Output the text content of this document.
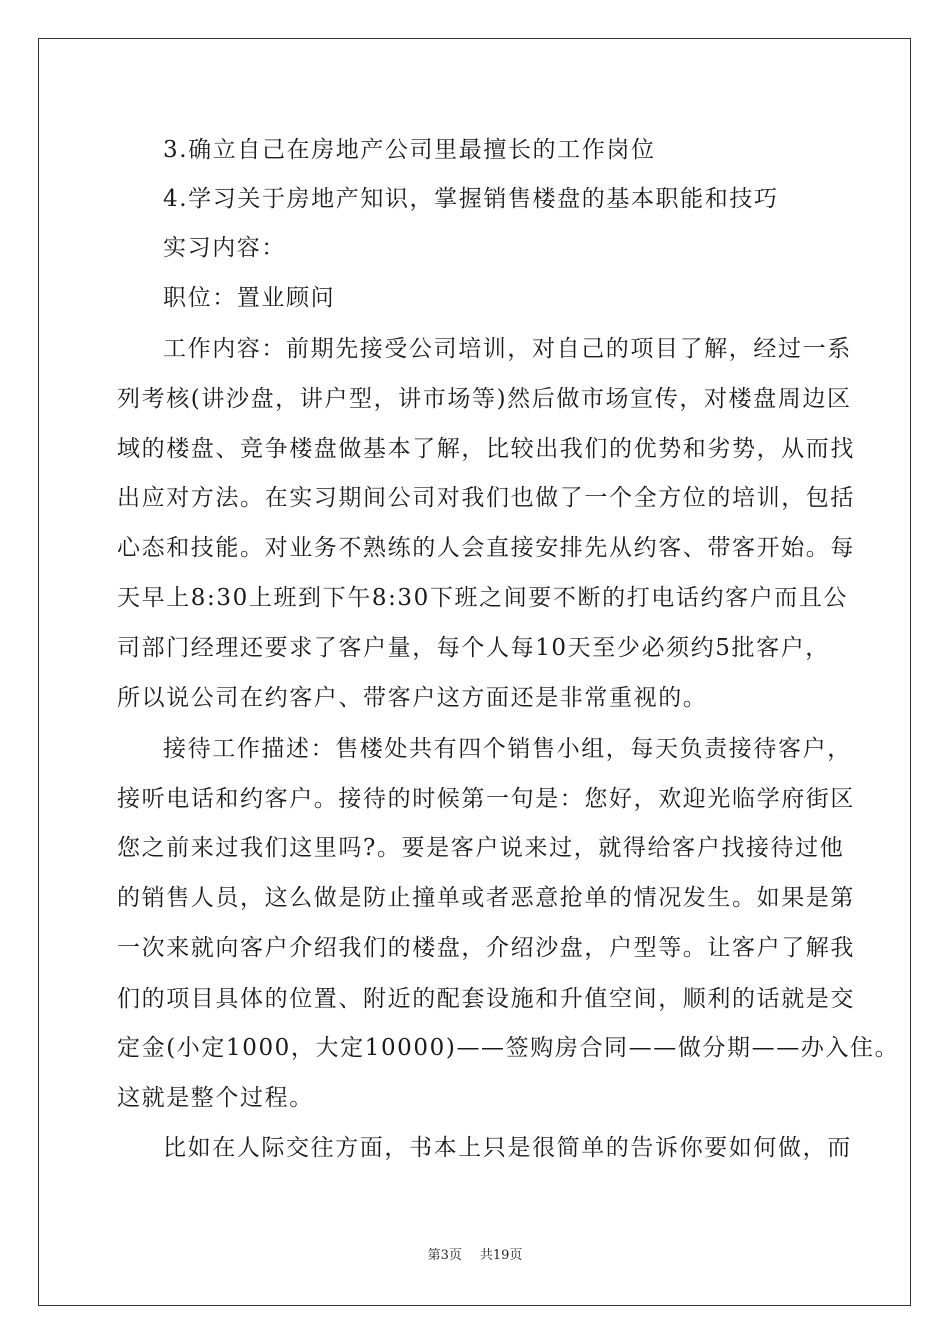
3.确立自己在房地产公司里最擅长的工作岗位
4.学习关于房地产知识，掌握销售楼盘的基本职能和技巧
实习内容：
职位：置业顾问
工作内容：前期先接受公司培训，对自己的项目了解，经过一系
列考核(讲沙盘，讲户型，讲市场等)然后做市场宣传，对楼盘周边区
域的楼盘、竞争楼盘做基本了解，比较出我们的优势和劣势，从而找
出应对方法。在实习期间公司对我们也做了一个全方位的培训，包括
心态和技能。对业务不熟练的人会直接安排先从约客、带客开始。每
天早上8:30上班到下午8:30下班之间要不断的打电话约客户而且公
司部门经理还要求了客户量，每个人每10天至少必须约5批客户，
所以说公司在约客户、带客户这方面还是非常重视的。
接待工作描述：售楼处共有四个销售小组，每天负责接待客户，
接听电话和约客户。接待的时候第一句是：您好，欢迎光临学府街区
您之前来过我们这里吗?。要是客户说来过，就得给客户找接待过他
的销售人员，这么做是防止撞单或者恶意抢单的情况发生。如果是第
一次来就向客户介绍我们的楼盘，介绍沙盘，户型等。让客户了解我
们的项目具体的位置、附近的配套设施和升值空间，顺利的话就是交
定金(小定1000，大定10000)——签购房合同——做分期——办入住。
这就是整个过程。
比如在人际交往方面，书本上只是很简单的告诉你要如何做，而
第3页 共19页
